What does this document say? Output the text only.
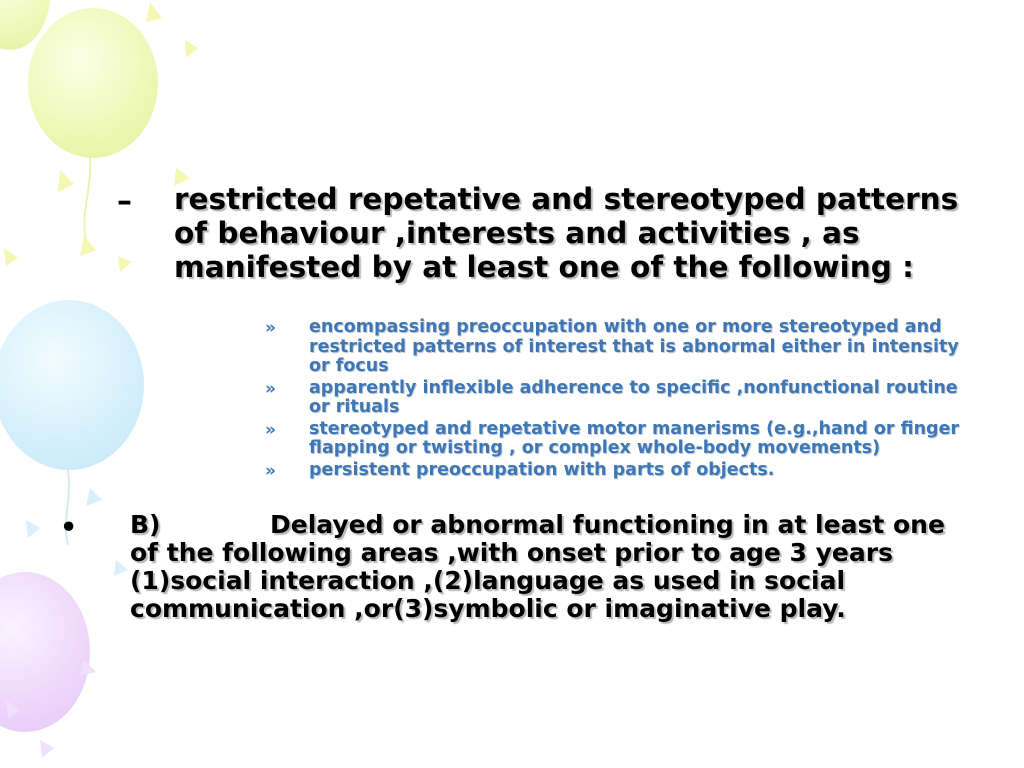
– restricted repetative and stereotyped patterns of behaviour ,interests and activities , as manifested by at least one of the following :
» encompassing preoccupation with one or more stereotyped and restricted patterns of interest that is abnormal either in intensity or focus
» apparently inflexible adherence to specific ,nonfunctional routine or rituals
» stereotyped and repetative motor manerisms (e.g.,hand or finger flapping or twisting , or complex whole-body movements)
» persistent preoccupation with parts of objects.
• B)	Delayed or abnormal functioning in at least one of the following areas ,with onset prior to age 3 years (1)social interaction ,(2)language as used in social communication ,or(3)symbolic or imaginative play.
